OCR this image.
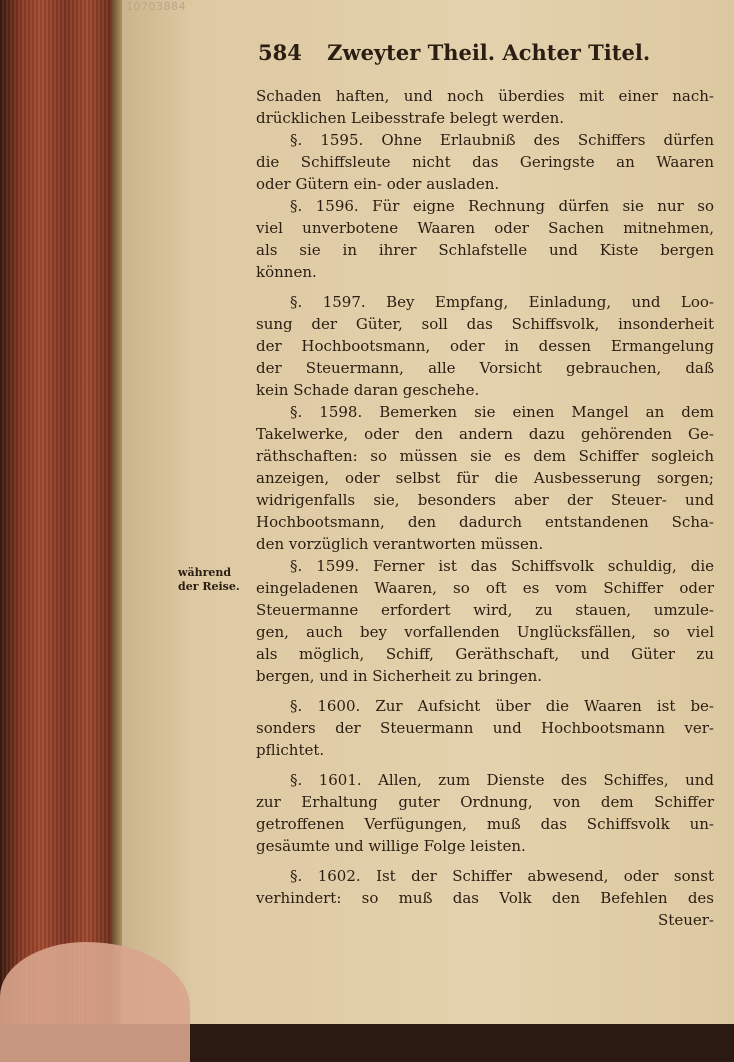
10703884
584 Zweyter Theil. Achter Titel.
während
der Reise.
Schaden haften, und noch überdies mit einer nach-
drücklichen Leibesstrafe belegt werden.
§. 1595. Ohne Erlaubniß des Schiffers dürfen
die Schiffsleute nicht das Geringste an Waaren
oder Gütern ein- oder ausladen.
§. 1596. Für eigne Rechnung dürfen sie nur so
viel unverbotene Waaren oder Sachen mitnehmen,
als sie in ihrer Schlafstelle und Kiste bergen
können.
§. 1597. Bey Empfang, Einladung, und Loo-
sung der Güter, soll das Schiffsvolk, insonderheit
der Hochbootsmann, oder in dessen Ermangelung
der Steuermann, alle Vorsicht gebrauchen, daß
kein Schade daran geschehe.
§. 1598. Bemerken sie einen Mangel an dem
Takelwerke, oder den andern dazu gehörenden Ge-
räthschaften: so müssen sie es dem Schiffer sogleich
anzeigen, oder selbst für die Ausbesserung sorgen;
widrigenfalls sie, besonders aber der Steuer- und
Hochbootsmann, den dadurch entstandenen Scha-
den vorzüglich verantworten müssen.
§. 1599. Ferner ist das Schiffsvolk schuldig, die
eingeladenen Waaren, so oft es vom Schiffer oder
Steuermanne erfordert wird, zu stauen, umzule-
gen, auch bey vorfallenden Unglücksfällen, so viel
als möglich, Schiff, Geräthschaft, und Güter zu
bergen, und in Sicherheit zu bringen.
§. 1600. Zur Aufsicht über die Waaren ist be-
sonders der Steuermann und Hochbootsmann ver-
pflichtet.
§. 1601. Allen, zum Dienste des Schiffes, und
zur Erhaltung guter Ordnung, von dem Schiffer
getroffenen Verfügungen, muß das Schiffsvolk un-
gesäumte und willige Folge leisten.
§. 1602. Ist der Schiffer abwesend, oder sonst
verhindert: so muß das Volk den Befehlen des
Steuer-
